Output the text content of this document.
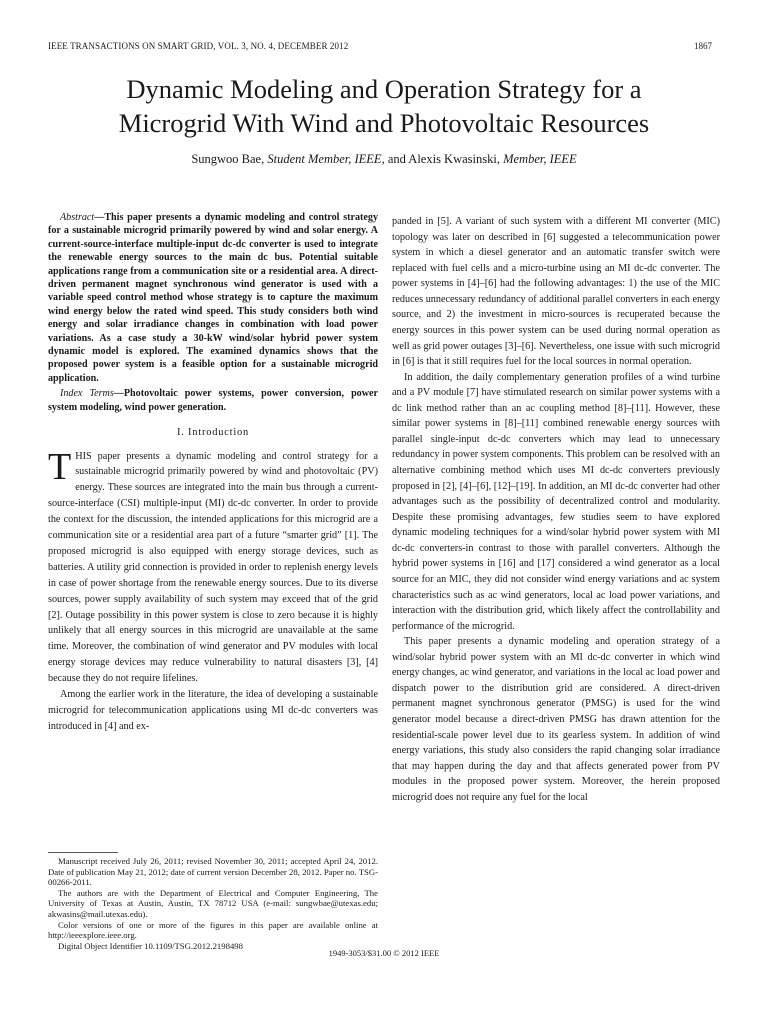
IEEE TRANSACTIONS ON SMART GRID, VOL. 3, NO. 4, DECEMBER 2012	1867
Dynamic Modeling and Operation Strategy for a
Microgrid With Wind and Photovoltaic Resources
Sungwoo Bae, Student Member, IEEE, and Alexis Kwasinski, Member, IEEE

Abstract—This paper presents a dynamic modeling and control strategy for a sustainable microgrid primarily powered by wind and solar energy. A current-source-interface multiple-input dc-dc converter is used to integrate the renewable energy sources to the main dc bus. Potential suitable applications range from a communication site or a residential area. A direct-driven permanent magnet synchronous wind generator is used with a variable speed control method whose strategy is to capture the maximum wind energy below the rated wind speed. This study considers both wind energy and solar irradiance changes in combination with load power variations. As a case study a 30-kW wind/solar hybrid power system dynamic model is explored. The examined dynamics shows that the proposed power system is a feasible option for a sustainable microgrid application.

Index Terms—Photovoltaic power systems, power conversion, power system modeling, wind power generation.

I. Introduction

THIS paper presents a dynamic modeling and control strategy for a sustainable microgrid primarily powered by wind and photovoltaic (PV) energy. These sources are integrated into the main bus through a current-source-interface (CSI) multiple-input (MI) dc-dc converter. In order to provide the context for the discussion, the intended applications for this microgrid are a communication site or a residential area part of a future “smarter grid” [1]. The proposed microgrid is also equipped with energy storage devices, such as batteries. A utility grid connection is provided in order to replenish energy levels in case of power shortage from the renewable energy sources. Due to its diverse sources, power supply availability of such system may exceed that of the grid [2]. Outage possibility in this power system is close to zero because it is highly unlikely that all energy sources in this microgrid are unavailable at the same time. Moreover, the combination of wind generator and PV modules with local energy storage devices may reduce vulnerability to natural disasters [3], [4] because they do not require lifelines.

Among the earlier work in the literature, the idea of developing a sustainable microgrid for telecommunication applications using MI dc-dc converters was introduced in [4] and ex-

panded in [5]. A variant of such system with a different MI converter (MIC) topology was later on described in [6] suggested a telecommunication power system in which a diesel generator and an automatic transfer switch were replaced with fuel cells and a micro-turbine using an MI dc-dc converter. The power systems in [4]–[6] had the following advantages: 1) the use of the MIC reduces unnecessary redundancy of additional parallel converters in each energy source, and 2) the investment in micro-sources is recuperated because the energy sources in this power system can be used during normal operation as well as grid power outages [3]–[6]. Nevertheless, one issue with such microgrid in [6] is that it still requires fuel for the local sources in normal operation.

In addition, the daily complementary generation profiles of a wind turbine and a PV module [7] have stimulated research on similar power systems with a dc link method rather than an ac coupling method [8]–[11]. However, these similar power systems in [8]–[11] combined renewable energy sources with parallel single-input dc-dc converters which may lead to unnecessary redundancy in power system components. This problem can be resolved with an alternative combining method which uses MI dc-dc converters previously proposed in [2], [4]–[6], [12]–[19]. In addition, an MI dc-dc converter had other advantages such as the possibility of decentralized control and modularity. Despite these promising advantages, few studies seem to have explored dynamic modeling techniques for a wind/solar hybrid power system with MI dc-dc converters-in contrast to those with parallel converters. Although the hybrid power systems in [16] and [17] considered a wind generator as a local source for an MIC, they did not consider wind energy variations and ac system characteristics such as ac wind generators, local ac load power variations, and interaction with the distribution grid, which likely affect the controllability and performance of the microgrid.

This paper presents a dynamic modeling and operation strategy of a wind/solar hybrid power system with an MI dc-dc converter in which wind energy changes, ac wind generator, and variations in the local ac load power and dispatch power to the distribution grid are considered. A direct-driven permanent magnet synchronous generator (PMSG) is used for the wind generator model because a direct-driven PMSG has drawn attention for the residential-scale power level due to its gearless system. In addition of wind energy variations, this study also considers the rapid changing solar irradiance that may happen during the day and that affects generated power from PV modules in the proposed power system. Moreover, the herein proposed microgrid does not require any fuel for the local

Manuscript received July 26, 2011; revised November 30, 2011; accepted April 24, 2012. Date of publication May 21, 2012; date of current version December 28, 2012. Paper no. TSG-00266-2011.

The authors are with the Department of Electrical and Computer Engineering, The University of Texas at Austin, Austin, TX 78712 USA (e-mail: sungwbae@utexas.edu; akwasins@mail.utexas.edu).

Color versions of one or more of the figures in this paper are available online at http://ieeexplore.ieee.org.

Digital Object Identifier 10.1109/TSG.2012.2198498

1949-3053/$31.00 © 2012 IEEE
